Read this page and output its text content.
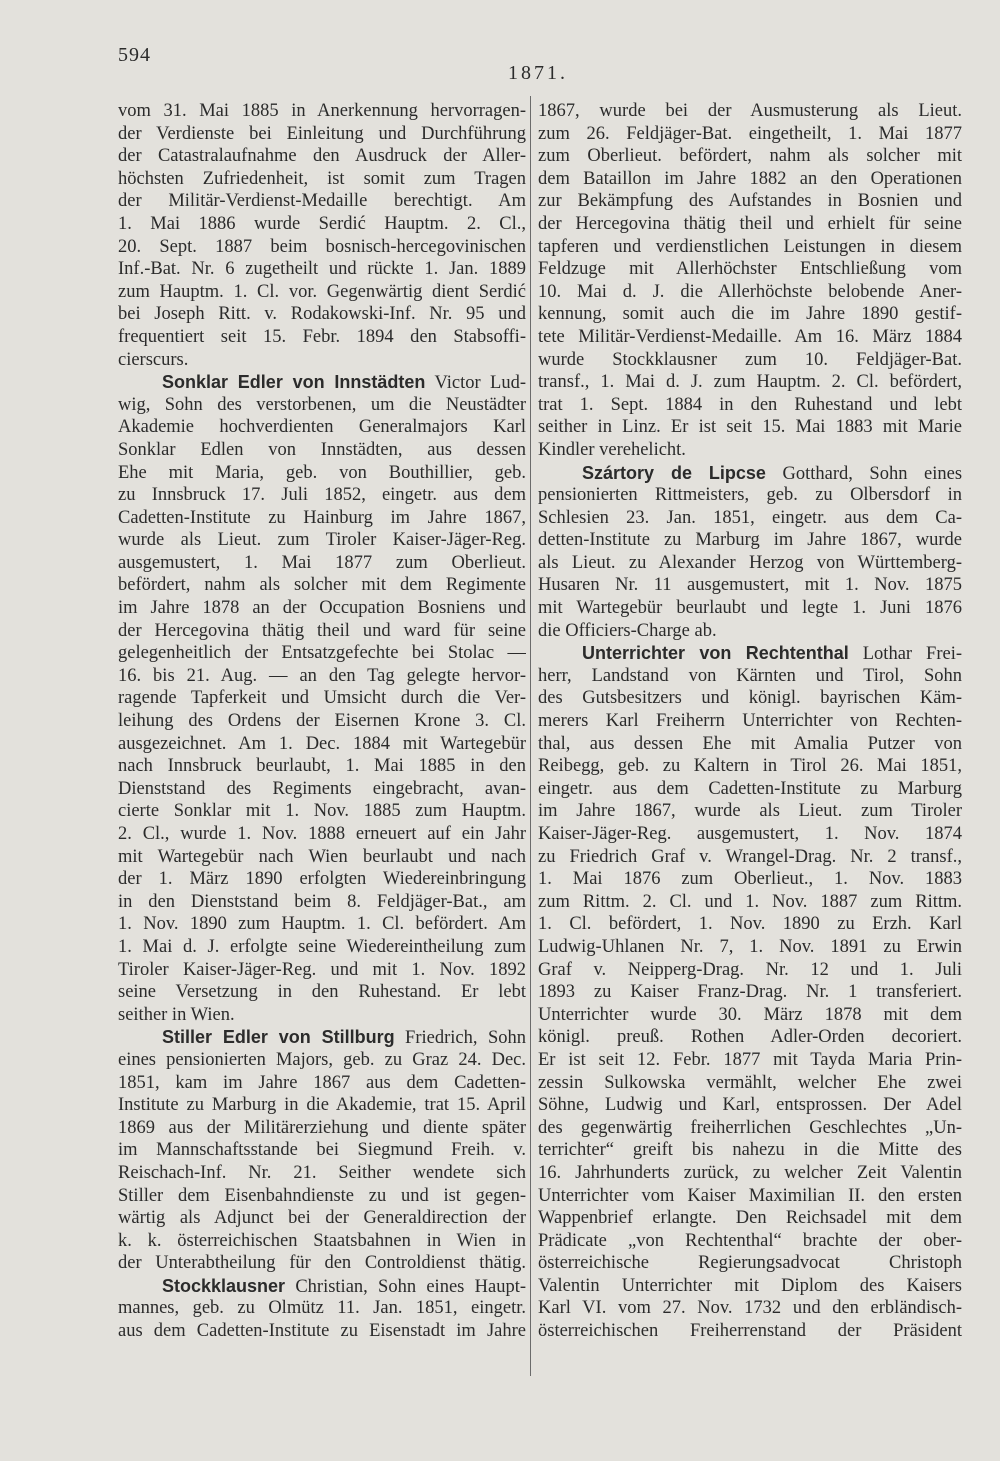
594
1871.
vom 31. Mai 1885 in Anerkennung hervorragen-
der Verdienste bei Einleitung und Durchführung
der Catastralaufnahme den Ausdruck der Aller-
höchsten Zufriedenheit, ist somit zum Tragen
der Militär-Verdienst-Medaille berechtigt. Am
1. Mai 1886 wurde Serdić Hauptm. 2. Cl.,
20. Sept. 1887 beim bosnisch-hercegovinischen
Inf.-Bat. Nr. 6 zugetheilt und rückte 1. Jan. 1889
zum Hauptm. 1. Cl. vor. Gegenwärtig dient Serdić
bei Joseph Ritt. v. Rodakowski-Inf. Nr. 95 und
frequentiert seit 15. Febr. 1894 den Stabsoffi-
cierscurs.
Sonklar Edler von Innstädten Victor Lud-
wig, Sohn des verstorbenen, um die Neustädter
Akademie hochverdienten Generalmajors Karl
Sonklar Edlen von Innstädten, aus dessen
Ehe mit Maria, geb. von Bouthillier, geb.
zu Innsbruck 17. Juli 1852, eingetr. aus dem
Cadetten-Institute zu Hainburg im Jahre 1867,
wurde als Lieut. zum Tiroler Kaiser-Jäger-Reg.
ausgemustert, 1. Mai 1877 zum Oberlieut.
befördert, nahm als solcher mit dem Regimente
im Jahre 1878 an der Occupation Bosniens und
der Hercegovina thätig theil und ward für seine
gelegenheitlich der Entsatzgefechte bei Stolac —
16. bis 21. Aug. — an den Tag gelegte hervor-
ragende Tapferkeit und Umsicht durch die Ver-
leihung des Ordens der Eisernen Krone 3. Cl.
ausgezeichnet. Am 1. Dec. 1884 mit Wartegebür
nach Innsbruck beurlaubt, 1. Mai 1885 in den
Dienststand des Regiments eingebracht, avan-
cierte Sonklar mit 1. Nov. 1885 zum Hauptm.
2. Cl., wurde 1. Nov. 1888 erneuert auf ein Jahr
mit Wartegebür nach Wien beurlaubt und nach
der 1. März 1890 erfolgten Wiedereinbringung
in den Dienststand beim 8. Feldjäger-Bat., am
1. Nov. 1890 zum Hauptm. 1. Cl. befördert. Am
1. Mai d. J. erfolgte seine Wiedereintheilung zum
Tiroler Kaiser-Jäger-Reg. und mit 1. Nov. 1892
seine Versetzung in den Ruhestand. Er lebt
seither in Wien.
Stiller Edler von Stillburg Friedrich, Sohn
eines pensionierten Majors, geb. zu Graz 24. Dec.
1851, kam im Jahre 1867 aus dem Cadetten-
Institute zu Marburg in die Akademie, trat 15. April
1869 aus der Militärerziehung und diente später
im Mannschaftsstande bei Siegmund Freih. v.
Reischach-Inf. Nr. 21. Seither wendete sich
Stiller dem Eisenbahndienste zu und ist gegen-
wärtig als Adjunct bei der Generaldirection der
k. k. österreichischen Staatsbahnen in Wien in
der Unterabtheilung für den Controldienst thätig.
Stockklausner Christian, Sohn eines Haupt-
mannes, geb. zu Olmütz 11. Jan. 1851, eingetr.
aus dem Cadetten-Institute zu Eisenstadt im Jahre
1867, wurde bei der Ausmusterung als Lieut.
zum 26. Feldjäger-Bat. eingetheilt, 1. Mai 1877
zum Oberlieut. befördert, nahm als solcher mit
dem Bataillon im Jahre 1882 an den Operationen
zur Bekämpfung des Aufstandes in Bosnien und
der Hercegovina thätig theil und erhielt für seine
tapferen und verdienstlichen Leistungen in diesem
Feldzuge mit Allerhöchster Entschließung vom
10. Mai d. J. die Allerhöchste belobende Aner-
kennung, somit auch die im Jahre 1890 gestif-
tete Militär-Verdienst-Medaille. Am 16. März 1884
wurde Stockklausner zum 10. Feldjäger-Bat.
transf., 1. Mai d. J. zum Hauptm. 2. Cl. befördert,
trat 1. Sept. 1884 in den Ruhestand und lebt
seither in Linz. Er ist seit 15. Mai 1883 mit Marie
Kindler verehelicht.
Szártory de Lipcse Gotthard, Sohn eines
pensionierten Rittmeisters, geb. zu Olbersdorf in
Schlesien 23. Jan. 1851, eingetr. aus dem Ca-
detten-Institute zu Marburg im Jahre 1867, wurde
als Lieut. zu Alexander Herzog von Württemberg-
Husaren Nr. 11 ausgemustert, mit 1. Nov. 1875
mit Wartegebür beurlaubt und legte 1. Juni 1876
die Officiers-Charge ab.
Unterrichter von Rechtenthal Lothar Frei-
herr, Landstand von Kärnten und Tirol, Sohn
des Gutsbesitzers und königl. bayrischen Käm-
merers Karl Freiherrn Unterrichter von Rechten-
thal, aus dessen Ehe mit Amalia Putzer von
Reibegg, geb. zu Kaltern in Tirol 26. Mai 1851,
eingetr. aus dem Cadetten-Institute zu Marburg
im Jahre 1867, wurde als Lieut. zum Tiroler
Kaiser-Jäger-Reg. ausgemustert, 1. Nov. 1874
zu Friedrich Graf v. Wrangel-Drag. Nr. 2 transf.,
1. Mai 1876 zum Oberlieut., 1. Nov. 1883
zum Rittm. 2. Cl. und 1. Nov. 1887 zum Rittm.
1. Cl. befördert, 1. Nov. 1890 zu Erzh. Karl
Ludwig-Uhlanen Nr. 7, 1. Nov. 1891 zu Erwin
Graf v. Neipperg-Drag. Nr. 12 und 1. Juli
1893 zu Kaiser Franz-Drag. Nr. 1 transferiert.
Unterrichter wurde 30. März 1878 mit dem
königl. preuß. Rothen Adler-Orden decoriert.
Er ist seit 12. Febr. 1877 mit Tayda Maria Prin-
zessin Sulkowska vermählt, welcher Ehe zwei
Söhne, Ludwig und Karl, entsprossen. Der Adel
des gegenwärtig freiherrlichen Geschlechtes „Un-
terrichter“ greift bis nahezu in die Mitte des
16. Jahrhunderts zurück, zu welcher Zeit Valentin
Unterrichter vom Kaiser Maximilian II. den ersten
Wappenbrief erlangte. Den Reichsadel mit dem
Prädicate „von Rechtenthal“ brachte der ober-
österreichische Regierungsadvocat Christoph
Valentin Unterrichter mit Diplom des Kaisers
Karl VI. vom 27. Nov. 1732 und den erbländisch-
österreichischen Freiherrenstand der Präsident
